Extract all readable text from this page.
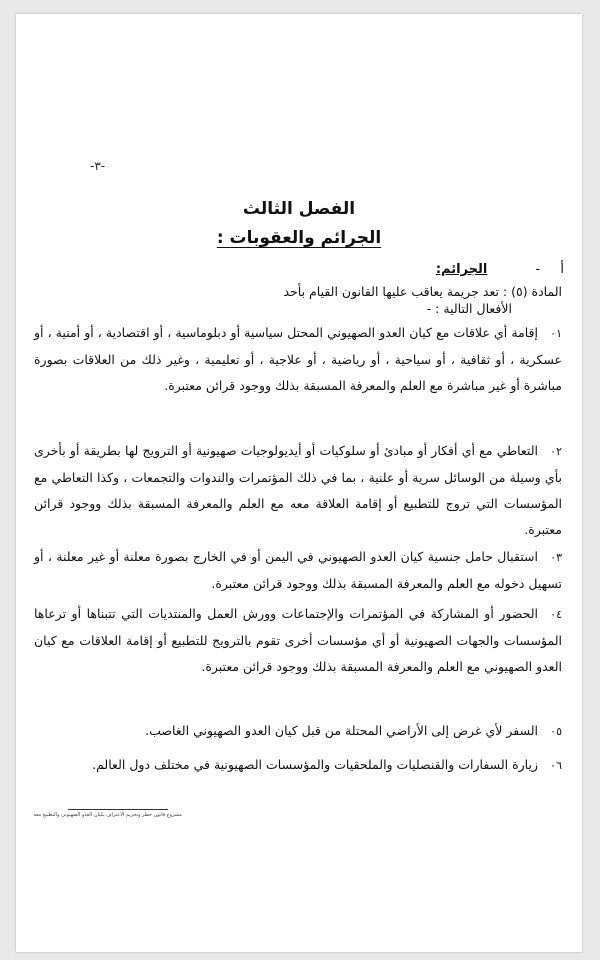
-٣-
الفصل الثالث
الجرائم والعقوبات :
أ - الجرائم:
المادة (٥) : تعد جريمة يعاقب عليها القانون القيام بأحد
الأفعال التالية : -
٠١إقامة أي علاقات مع كيان العدو الصهيوني المحتل سياسية أو دبلوماسية ، أو اقتصادية ، أو أمنية ، أو عسكرية ، أو ثقافية ، أو سياحية ، أو رياضية ، أو علاجية ، أو تعليمية ، وغير ذلك من العلاقات بصورة مباشرة أو غير مباشرة مع العلم والمعرفة المسبقة بذلك ووجود قرائن معتبرة.
٠٢التعاطي مع أي أفكار أو مبادئ أو سلوكيات أو أيديولوجيات صهيونية أو الترويج لها بطريقة أو بأخرى بأي وسيلة من الوسائل سرية أو علنية ، بما في ذلك المؤتمرات والندوات والتجمعات ، وكذا التعاطي مع المؤسسات التي تروج للتطبيع أو إقامة العلاقة معه مع العلم والمعرفة المسبقة بذلك ووجود قرائن معتبرة.
٠٣استقبال حامل جنسية كيان العدو الصهيوني في اليمن أو في الخارج بصورة معلنة أو غير معلنة ، أو تسهيل دخوله مع العلم والمعرفة المسبقة بذلك ووجود قرائن معتبرة.
٠٤الحضور أو المشاركة في المؤتمرات والإجتماعات وورش العمل والمنتديات التي تتبناها أو ترعاها المؤسسات والجهات الصهيونية أو أي مؤسسات أخرى تقوم بالترويج للتطبيع أو إقامة العلاقات مع كيان العدو الصهيوني مع العلم والمعرفة المسبقة بذلك ووجود قرائن معتبرة.
٠٥السفر لأي غرض إلى الأراضي المحتلة من قبل كيان العدو الصهيوني الغاصب.
٠٦زيارة السفارات والقنصليات والملحقيات والمؤسسات الصهيونية في مختلف دول العالم.
مشروع قانون حظر وتجريم الاعتراف بكيان العدو الصهيوني والتطبيع معه
